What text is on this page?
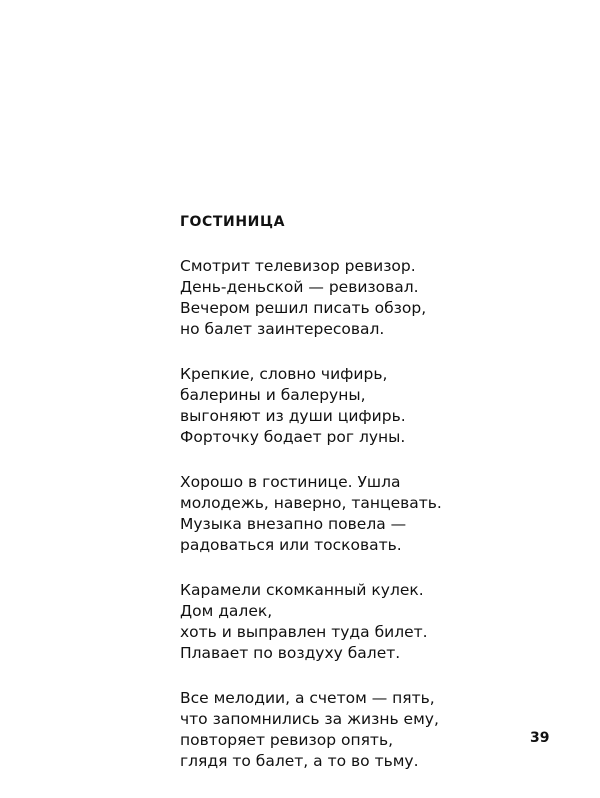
ГОСТИНИЦА
Смотрит телевизор ревизор.
День-деньской — ревизовал.
Вечером решил писать обзор,
но балет заинтересовал.
Крепкие, словно чифирь,
балерины и балеруны,
выгоняют из души цифирь.
Форточку бодает рог луны.
Хорошо в гостинице. Ушла
молодежь, наверно, танцевать.
Музыка внезапно повела —
радоваться или тосковать.
Карамели скомканный кулек.
Дом далек,
хоть и выправлен туда билет.
Плавает по воздуху балет.
Все мелодии, а счетом — пять,
что запомнились за жизнь ему,
повторяет ревизор опять,
глядя то балет, а то во тьму.
39
